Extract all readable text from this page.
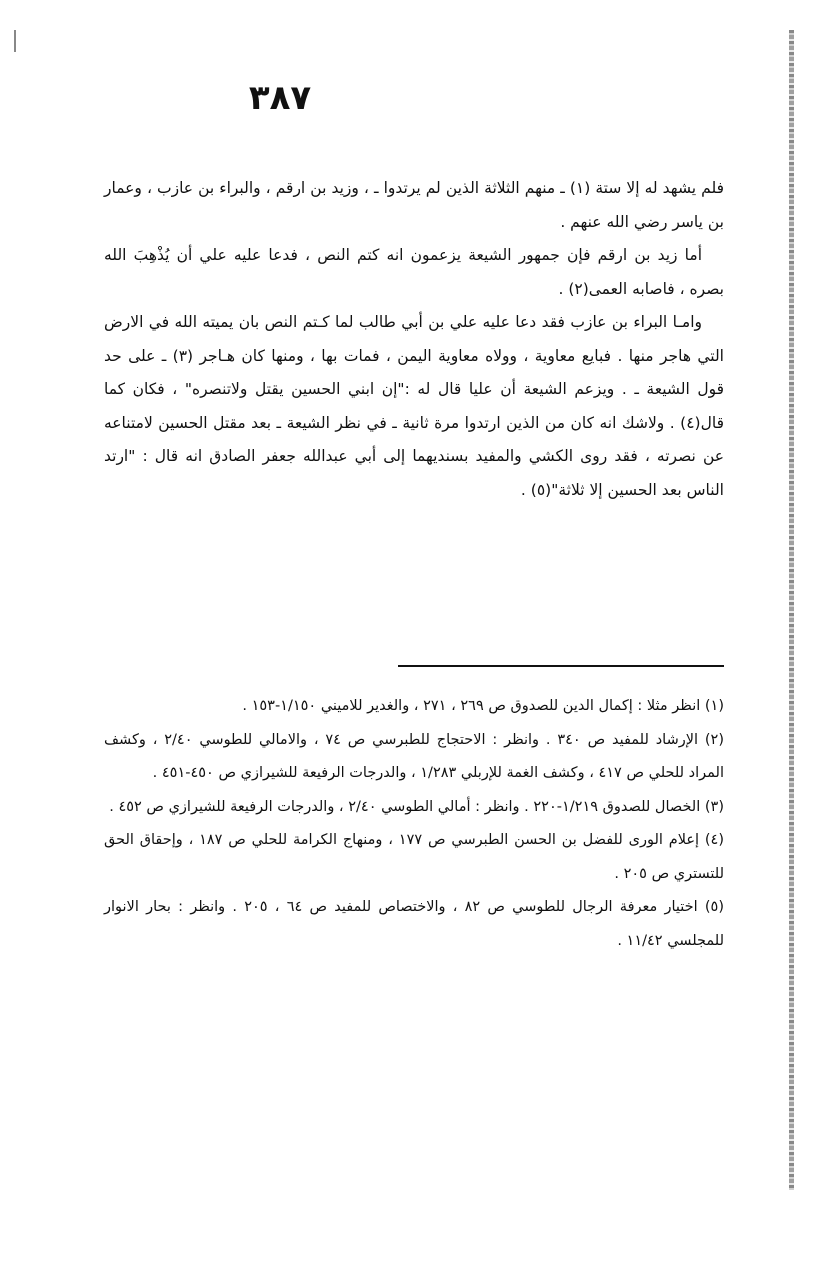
٣٨٧

فلم يشهد له إلا ستة (١) ـ منهم الثلاثة الذين لم يرتدوا ـ ، وزيد بن ارقم ، والبراء بن عازب ، وعمار بن ياسر رضي الله عنهم .

أما زيد بن ارقم فإن جمهور الشيعة يزعمون انه كتم النص ، فدعا عليه علي أن يُذْهِبَ الله بصره ، فاصابه العمى(٢) .

وامـا البراء بن عازب فقد دعا عليه علي بن أبي طالب لما كـتم النص بان يميته الله في الارض التي هاجر منها . فبايع معاوية ، وولاه معاوية اليمن ، فمات بها ، ومنها كان هـاجر (٣) ـ على حد قول الشيعة ـ . ويزعم الشيعة أن عليا قال له :"إن ابني الحسين يقتل ولاتنصره" ، فكان كما قال(٤) . ولاشك انه كان من الذين ارتدوا مرة ثانية ـ في نظر الشيعة ـ بعد مقتل الحسين لامتناعه عن نصرته ، فقد روى الكشي والمفيد بسنديهما إلى أبي عبدالله جعفر الصادق انه قال : "ارتد الناس بعد الحسين إلا ثلاثة"(٥) .

(١) انظر مثلا : إكمال الدين للصدوق ص ٢٦٩ ، ٢٧١ ، والغدير للاميني ١/١٥٠-١٥٣ .

(٢) الإرشاد للمفيد ص ٣٤٠ . وانظر : الاحتجاج للطبرسي ص ٧٤ ، والامالي للطوسي ٢/٤٠ ، وكشف المراد للحلي ص ٤١٧ ، وكشف الغمة للإربلي ١/٢٨٣ ، والدرجات الرفيعة للشيرازي ص ٤٥٠-٤٥١ .

(٣) الخصال للصدوق ١/٢١٩-٢٢٠ . وانظر : أمالي الطوسي ٢/٤٠ ، والدرجات الرفيعة للشيرازي ص ٤٥٢ .

(٤) إعلام الورى للفضل بن الحسن الطبرسي ص ١٧٧ ، ومنهاج الكرامة للحلي ص ١٨٧ ، وإحقاق الحق للتستري ص ٢٠٥ .

(٥) اختيار معرفة الرجال للطوسي ص ٨٢ ، والاختصاص للمفيد ص ٦٤ ، ٢٠٥ . وانظر : بحار الانوار للمجلسي ١١/٤٢ .
